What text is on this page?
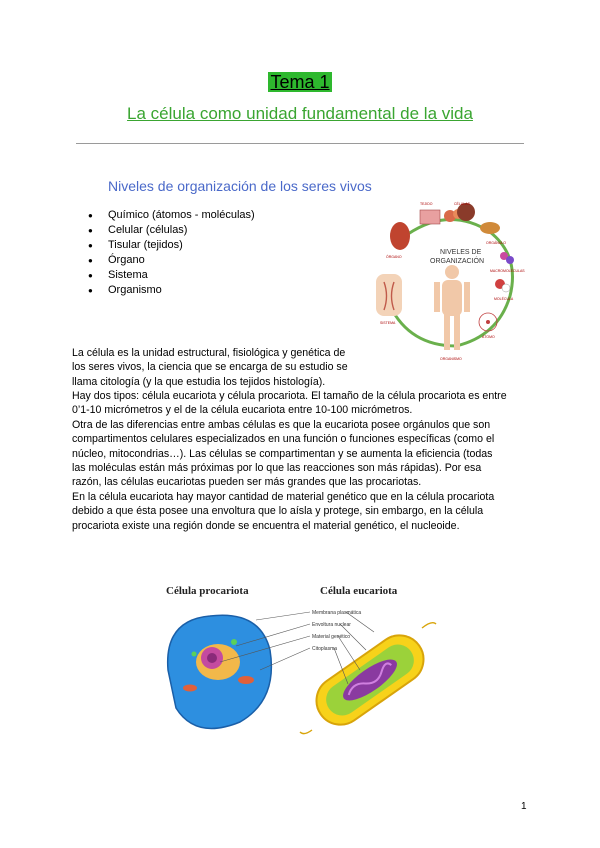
Tema 1
La célula como unidad fundamental de la vida
Niveles de organización de los seres vivos
● Químico (átomos - moléculas)
● Celular (células)
● Tisular (tejidos)
● Órgano
● Sistema
● Organismo
NIVELES DE
ORGANIZACIÓN
TEJIDO	CÉLULAS
ÓRGANO
ORGÁNULO
MACROMOLÉCULAS
MOLÉCULA
ÁTOMO
SISTEMA
ORGANISMO

La célula es la unidad estructural, fisiológica y genética de
los seres vivos, la ciencia que se encarga de su estudio se
llama citología (y la que estudia los tejidos histología).

Hay dos tipos: célula eucariota y célula procariota. El tamaño de la célula procariota es entre
0’1-10 micrómetros y el de la célula eucariota entre 10-100 micrómetros.
Otra de las diferencias entre ambas células es que la eucariota posee orgánulos que son
compartimentos celulares especializados en una función o funciones específicas (como el
núcleo, mitocondrias…). Las células se compartimentan y se aumenta la eficiencia (todas
las moléculas están más próximas por lo que las reacciones son más rápidas). Por esa
razón, las células eucariotas pueden ser más grandes que las procariotas.
En la célula eucariota hay mayor cantidad de material genético que en la célula procariota
debido a que ésta posee una envoltura que lo aísla y protege, sin embargo, en la célula
procariota existe una región donde se encuentra el material genético, el nucleoide.

Célula procariota	Célula eucariota
Membrana plasmática
Envoltura nuclear
Material genético
Citoplasma
1
